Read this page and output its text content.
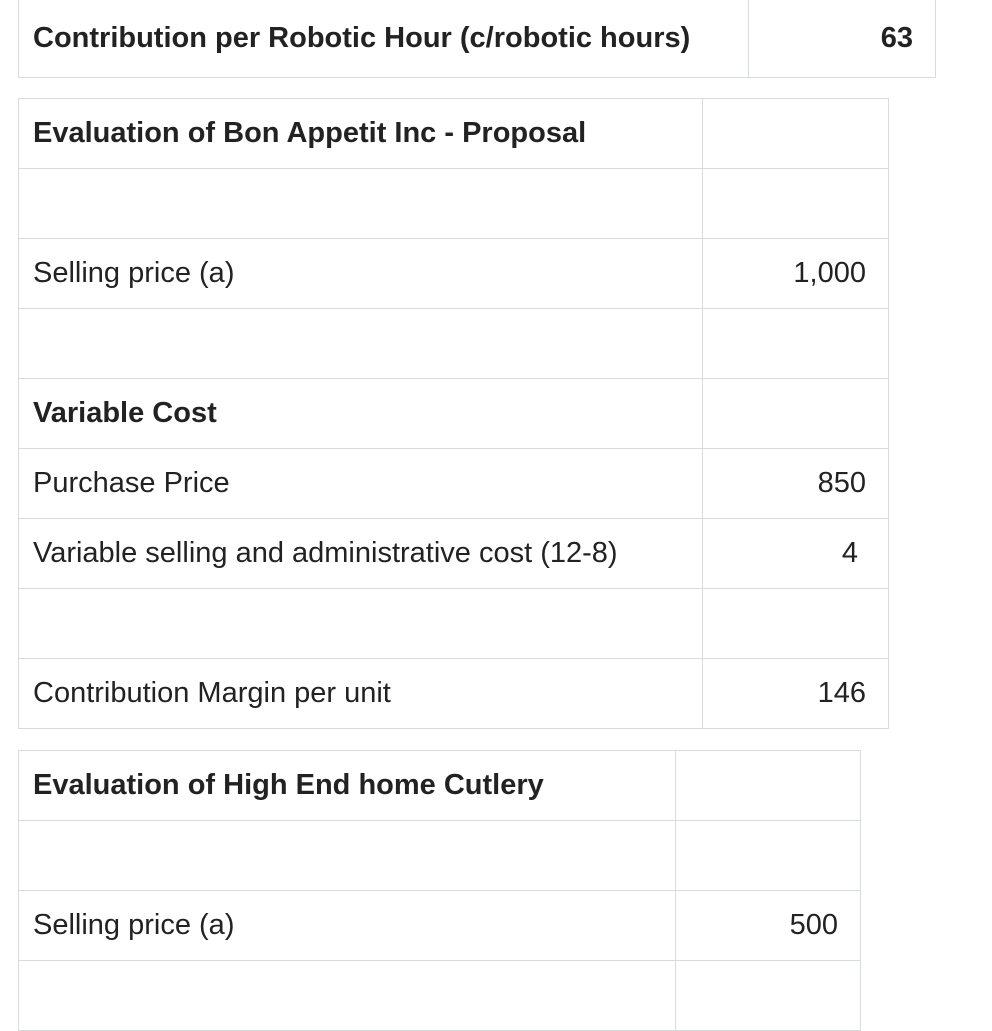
Contribution per Robotic Hour (c/robotic hours)	63
Evaluation of Bon Appetit Inc - Proposal	

Selling price (a)	1,000

Variable Cost	
Purchase Price	850
Variable selling and administrative cost (12-8)	4

Contribution Margin per unit	146
Evaluation of High End home Cutlery	

Selling price (a)	500
